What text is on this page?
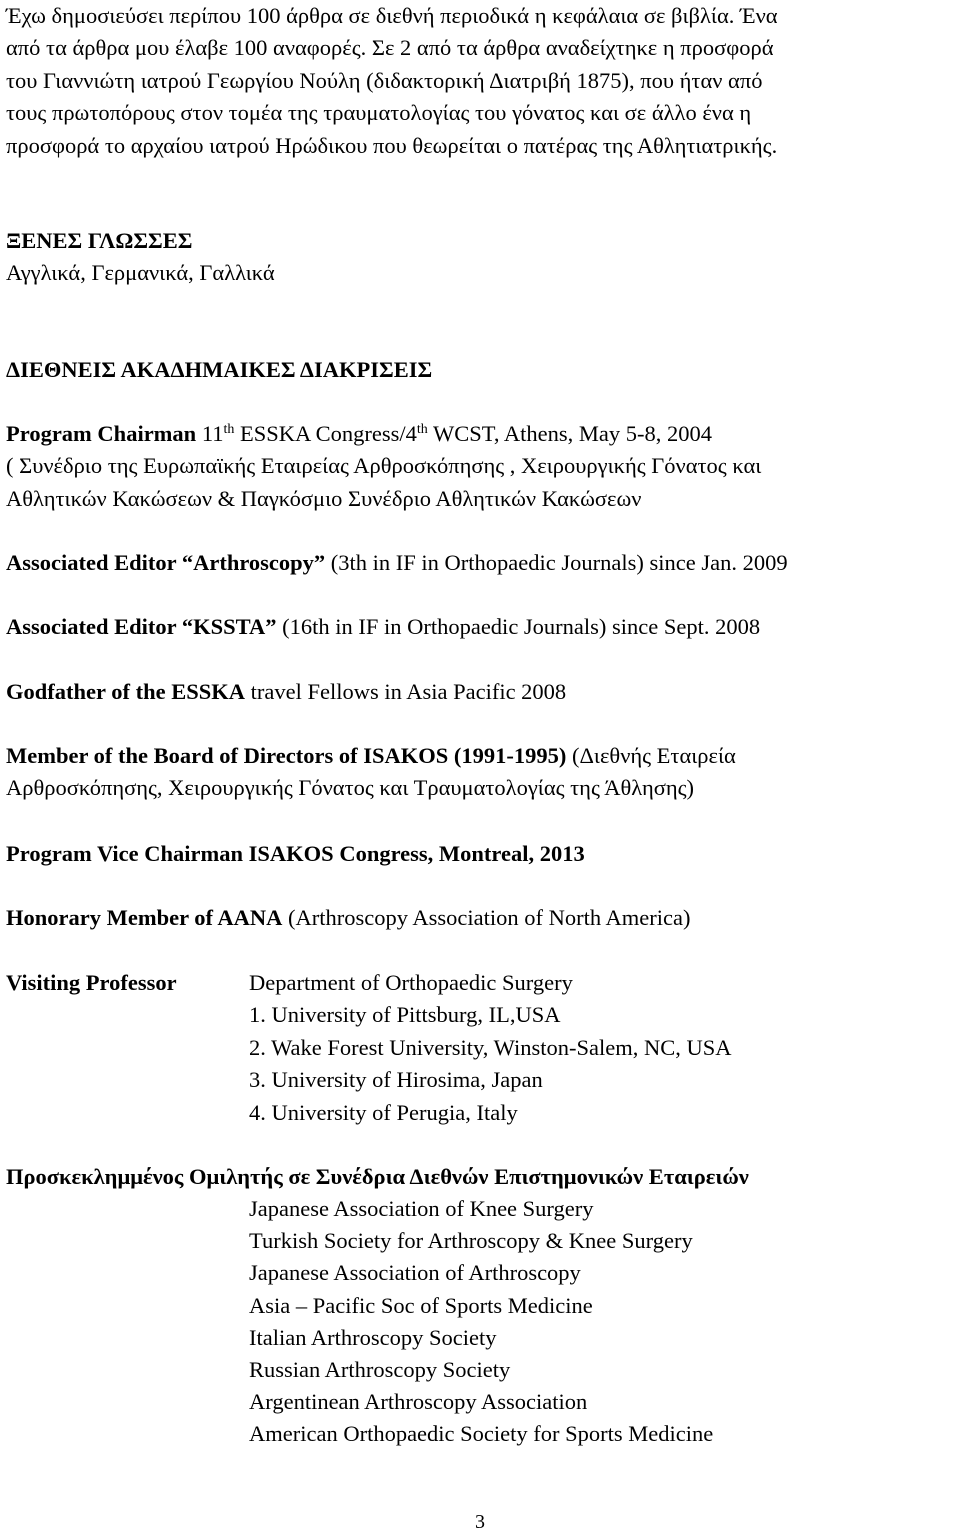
Έχω δημοσιεύσει περίπου 100 άρθρα σε διεθνή περιοδικά η κεφάλαια σε βιβλία. Ένα
από τα άρθρα μου έλαβε 100 αναφορές. Σε 2 από τα άρθρα αναδείχτηκε η προσφορά
του Γιαννιώτη ιατρού Γεωργίου Νούλη (διδακτορική Διατριβή 1875), που ήταν από
τους πρωτοπόρους στον τομέα της τραυματολογίας του γόνατος και σε άλλο ένα η
προσφορά το αρχαίου ιατρού Ηρώδικου που θεωρείται ο πατέρας της Αθλητιατρικής.
ΞΕΝΕΣ ΓΛΩΣΣΕΣ
Αγγλικά, Γερμανικά, Γαλλικά
ΔΙΕΘΝΕΙΣ ΑΚΑΔΗΜΑΙΚΕΣ ΔΙΑΚΡΙΣΕΙΣ
Program Chairman 11th ESSKA Congress/4th WCST, Athens, May 5-8, 2004
( Συνέδριο της Ευρωπαϊκής Εταιρείας Αρθροσκόπησης , Χειρουργικής Γόνατος και
Αθλητικών Κακώσεων & Παγκόσμιο Συνέδριο Αθλητικών Κακώσεων
Associated Editor “Arthroscopy” (3th in IF in Orthopaedic Journals) since Jan. 2009
Associated Editor “KSSTA” (16th in IF in Orthopaedic Journals) since Sept. 2008
Godfather of the ESSKA travel Fellows in Asia Pacific 2008
Member of the Board of Directors of ISAKOS (1991-1995) (Διεθνής Εταιρεία
Αρθροσκόπησης, Χειρουργικής Γόνατος και Τραυματολογίας της Άθλησης)
Program Vice Chairman ISAKOS Congress, Montreal, 2013
Honorary Member of AANA (Arthroscopy Association of North America)
Visiting Professor	Department of Orthopaedic Surgery
1. University of Pittsburg, IL,USA
2. Wake Forest University, Winston-Salem, NC, USA
3. University of Hirosima, Japan
4. University of Perugia, Italy
Προσκεκλημμένος Ομιλητής σε Συνέδρια Διεθνών Επιστημονικών Εταιρειών
Japanese Association of Knee Surgery
Turkish Society for Arthroscopy & Knee Surgery
Japanese Association of Arthroscopy
Asia – Pacific Soc of Sports Medicine
Italian Arthroscopy Society
Russian Arthroscopy Society
Argentinean Arthroscopy Association
American Orthopaedic Society for Sports Medicine
3
